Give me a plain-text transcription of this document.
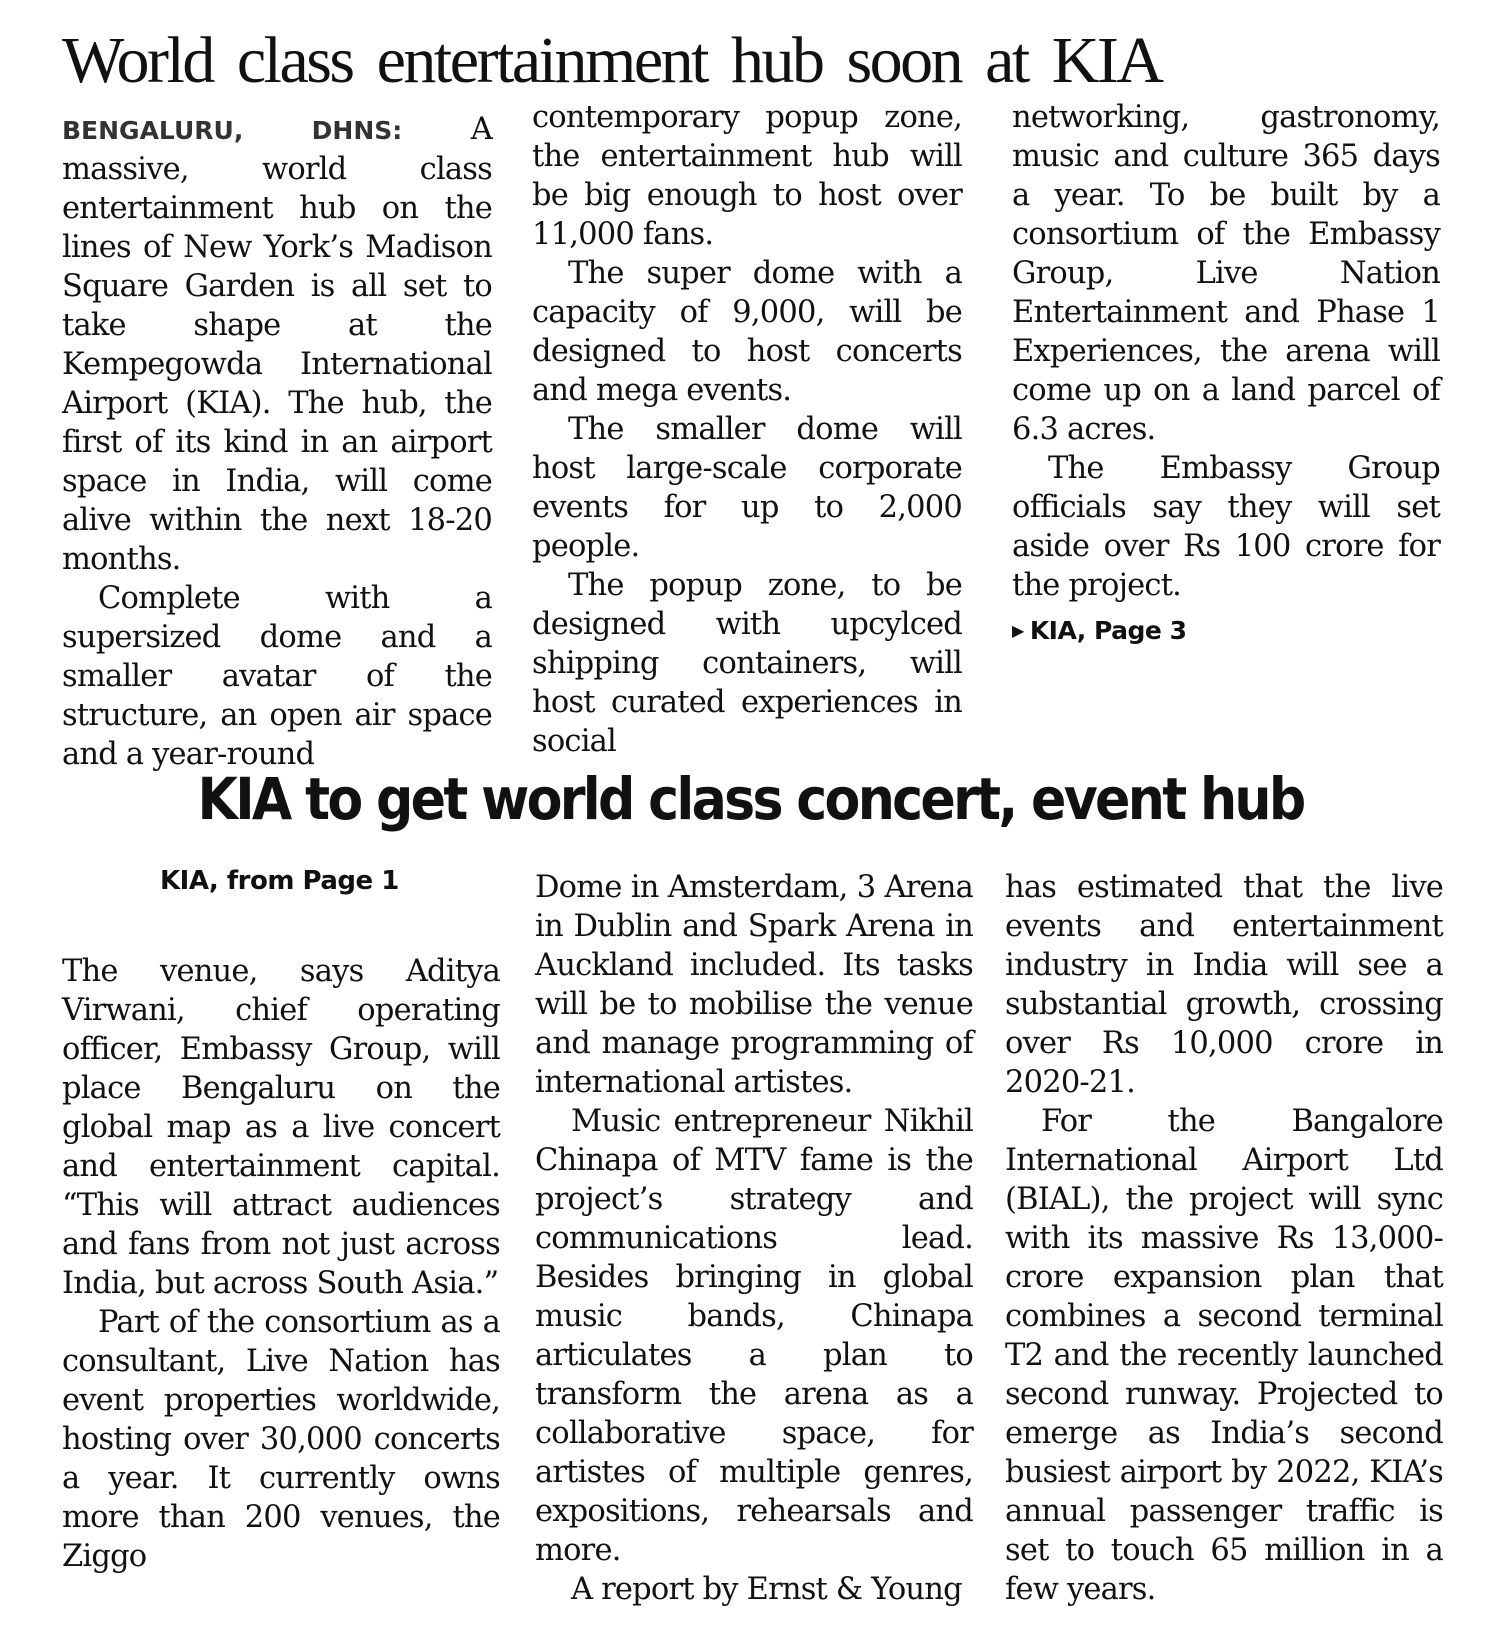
World class entertainment hub soon at KIA

BENGALURU, DHNS: A massive, world class entertainment hub on the lines of New York’s Madison Square Garden is all set to take shape at the Kempegowda International Airport (KIA). The hub, the first of its kind in an airport space in India, will come alive within the next 18-20 months.

Complete with a supersized dome and a smaller avatar of the structure, an open air space and a year-round

contemporary popup zone, the entertainment hub will be big enough to host over 11,000 fans.

The super dome with a capacity of 9,000, will be designed to host concerts and mega events.

The smaller dome will host large-scale corporate events for up to 2,000 people.

The popup zone, to be designed with upcylced shipping containers, will host curated experiences in social

networking, gastronomy, music and culture 365 days a year. To be built by a consortium of the Embassy Group, Live Nation Entertainment and Phase 1 Experiences, the arena will come up on a land parcel of 6.3 acres.

The Embassy Group officials say they will set aside over Rs 100 crore for the project.

▶ KIA, Page 3

KIA to get world class concert, event hub

KIA, from Page 1

The venue, says Aditya Virwani, chief operating officer, Embassy Group, will place Bengaluru on the global map as a live concert and entertainment capital. “This will attract audiences and fans from not just across India, but across South Asia.”

Part of the consortium as a consultant, Live Nation has event properties worldwide, hosting over 30,000 concerts a year. It currently owns more than 200 venues, the Ziggo

Dome in Amsterdam, 3 Arena in Dublin and Spark Arena in Auckland included. Its tasks will be to mobilise the venue and manage programming of international artistes.

Music entrepreneur Nikhil Chinapa of MTV fame is the project’s strategy and communications lead. Besides bringing in global music bands, Chinapa articulates a plan to transform the arena as a collaborative space, for artistes of multiple genres, expositions, rehearsals and more.

A report by Ernst & Young

has estimated that the live events and entertainment industry in India will see a substantial growth, crossing over Rs 10,000 crore in 2020-21.

For the Bangalore International Airport Ltd (BIAL), the project will sync with its massive Rs 13,000-crore expansion plan that combines a second terminal T2 and the recently launched second runway. Projected to emerge as India’s second busiest airport by 2022, KIA’s annual passenger traffic is set to touch 65 million in a few years.
